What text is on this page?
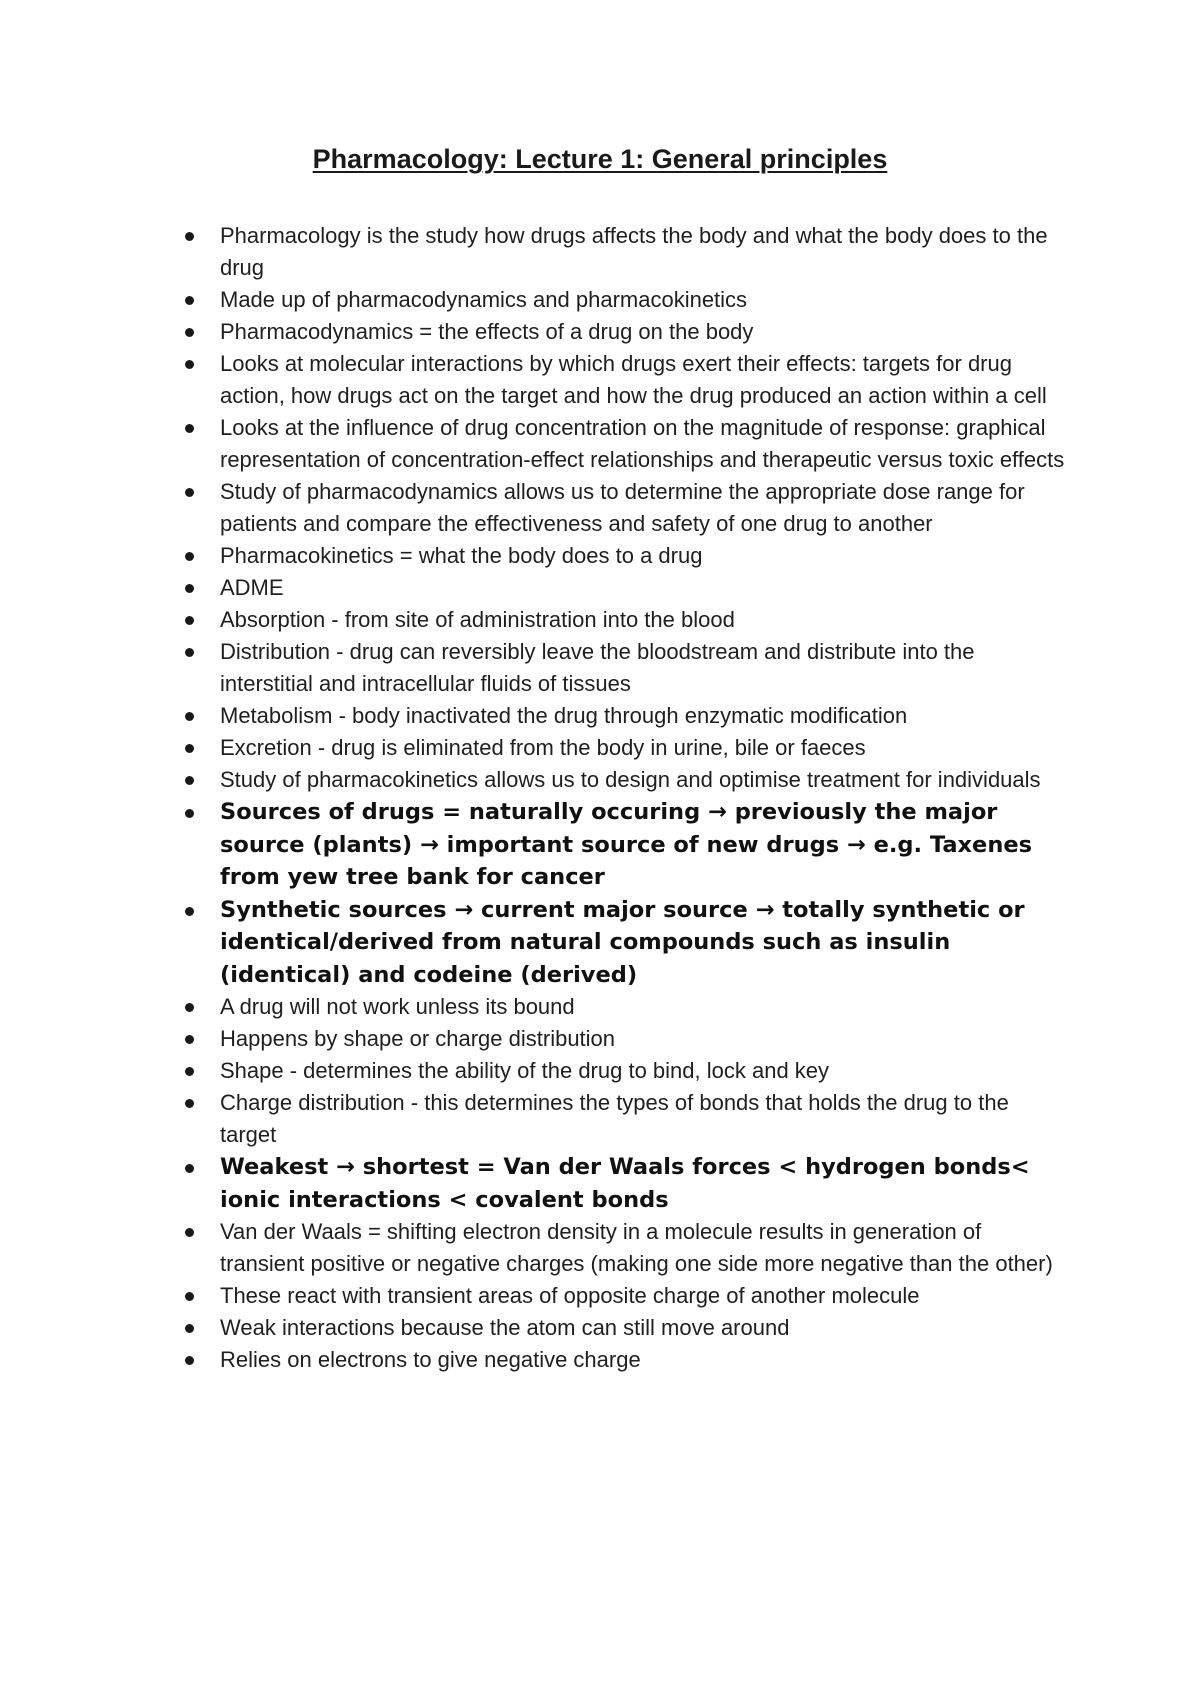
Pharmacology: Lecture 1: General principles
Pharmacology is the study how drugs affects the body and what the body does to the drug
Made up of pharmacodynamics and pharmacokinetics
Pharmacodynamics = the effects of a drug on the body
Looks at molecular interactions by which drugs exert their effects: targets for drug action, how drugs act on the target and how the drug produced an action within a cell
Looks at the influence of drug concentration on the magnitude of response: graphical representation of concentration-effect relationships and therapeutic versus toxic effects
Study of pharmacodynamics allows us to determine the appropriate dose range for patients and compare the effectiveness and safety of one drug to another
Pharmacokinetics = what the body does to a drug
ADME
Absorption - from site of administration into the blood
Distribution - drug can reversibly leave the bloodstream and distribute into the interstitial and intracellular fluids of tissues
Metabolism - body inactivated the drug through enzymatic modification
Excretion - drug is eliminated from the body in urine, bile or faeces
Study of pharmacokinetics allows us to design and optimise treatment for individuals
Sources of drugs = naturally occuring → previously the major source (plants) → important source of new drugs → e.g. Taxenes from yew tree bank for cancer
Synthetic sources → current major source → totally synthetic or identical/derived from natural compounds such as insulin (identical) and codeine (derived)
A drug will not work unless its bound
Happens by shape or charge distribution
Shape - determines the ability of the drug to bind, lock and key
Charge distribution - this determines the types of bonds that holds the drug to the target
Weakest → shortest = Van der Waals forces < hydrogen bonds< ionic interactions < covalent bonds
Van der Waals = shifting electron density in a molecule results in generation of transient positive or negative charges (making one side more negative than the other)
These react with transient areas of opposite charge of another molecule
Weak interactions because the atom can still move around
Relies on electrons to give negative charge
